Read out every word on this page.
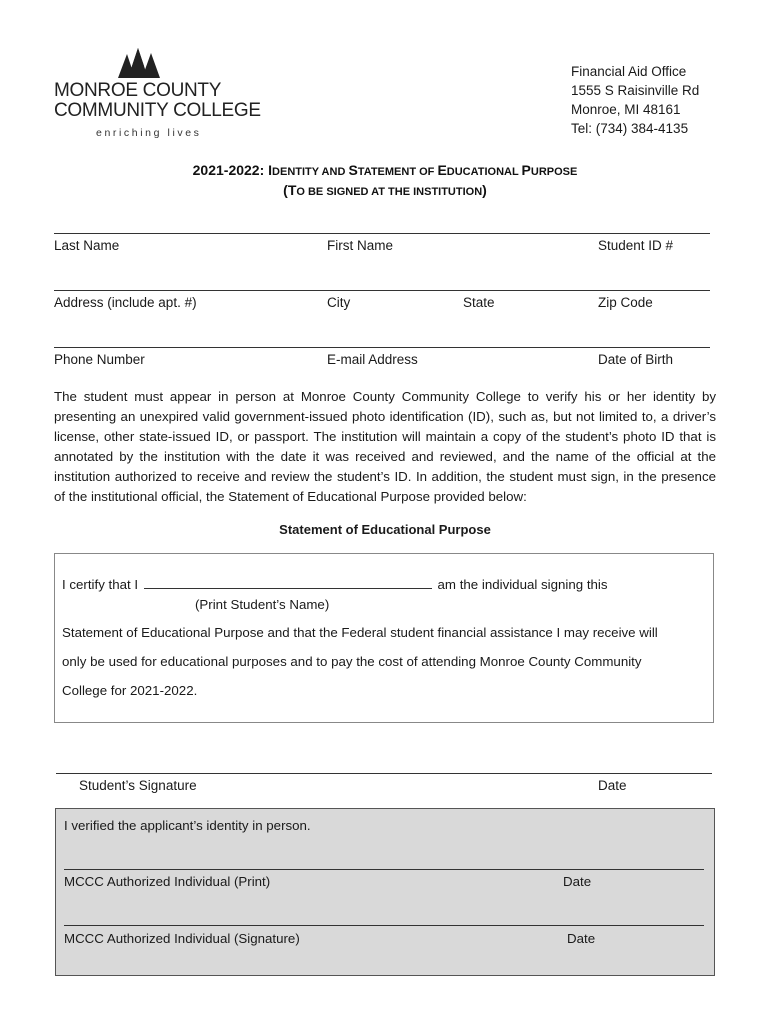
MONROE COUNTY
COMMUNITY COLLEGE
enriching lives
Financial Aid Office
1555 S Raisinville Rd
Monroe, MI 48161
Tel: (734) 384-4135
2021-2022: IDENTITY AND STATEMENT OF EDUCATIONAL PURPOSE
(TO BE SIGNED AT THE INSTITUTION)
Last Name	First Name	Student ID #
Address (include apt. #)	City	State	Zip Code
Phone Number	E-mail Address	Date of Birth
The student must appear in person at Monroe County Community College to verify his or her identity by presenting an unexpired valid government-issued photo identification (ID), such as, but not limited to, a driver’s license, other state-issued ID, or passport. The institution will maintain a copy of the student’s photo ID that is annotated by the institution with the date it was received and reviewed, and the name of the official at the institution authorized to receive and review the student’s ID. In addition, the student must sign, in the presence of the institutional official, the Statement of Educational Purpose provided below:
Statement of Educational Purpose
I certify that I	am the individual signing this
(Print Student’s Name)
Statement of Educational Purpose and that the Federal student financial assistance I may receive will
only be used for educational purposes and to pay the cost of attending Monroe County Community
College for 2021-2022.
Student’s Signature	Date
I verified the applicant’s identity in person.
MCCC Authorized Individual (Print)	Date
MCCC Authorized Individual (Signature)	Date
